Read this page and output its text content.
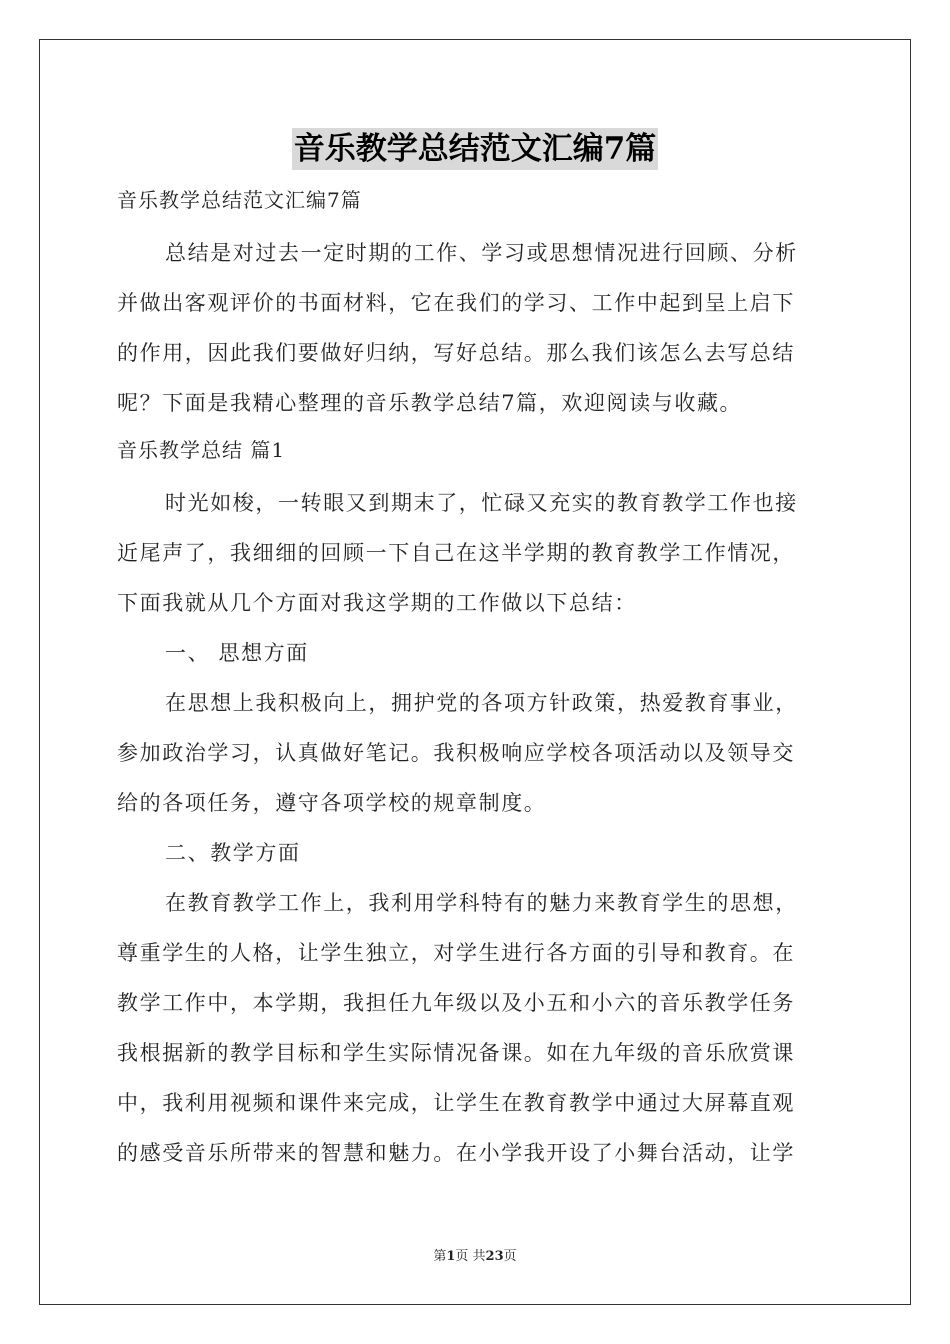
音乐教学总结范文汇编7篇
音乐教学总结范文汇编7篇
总结是对过去一定时期的工作、学习或思想情况进行回顾、分析
并做出客观评价的书面材料，它在我们的学习、工作中起到呈上启下
的作用，因此我们要做好归纳，写好总结。那么我们该怎么去写总结
呢？下面是我精心整理的音乐教学总结7篇，欢迎阅读与收藏。
音乐教学总结 篇1
时光如梭，一转眼又到期末了，忙碌又充实的教育教学工作也接
近尾声了，我细细的回顾一下自己在这半学期的教育教学工作情况，
下面我就从几个方面对我这学期的工作做以下总结：
一、 思想方面
在思想上我积极向上，拥护党的各项方针政策，热爱教育事业，
参加政治学习，认真做好笔记。我积极响应学校各项活动以及领导交
给的各项任务，遵守各项学校的规章制度。
二、教学方面
在教育教学工作上，我利用学科特有的魅力来教育学生的思想，
尊重学生的人格，让学生独立，对学生进行各方面的引导和教育。在
教学工作中，本学期，我担任九年级以及小五和小六的音乐教学任务
我根据新的教学目标和学生实际情况备课。如在九年级的音乐欣赏课
中，我利用视频和课件来完成，让学生在教育教学中通过大屏幕直观
的感受音乐所带来的智慧和魅力。在小学我开设了小舞台活动，让学
第1页 共23页
